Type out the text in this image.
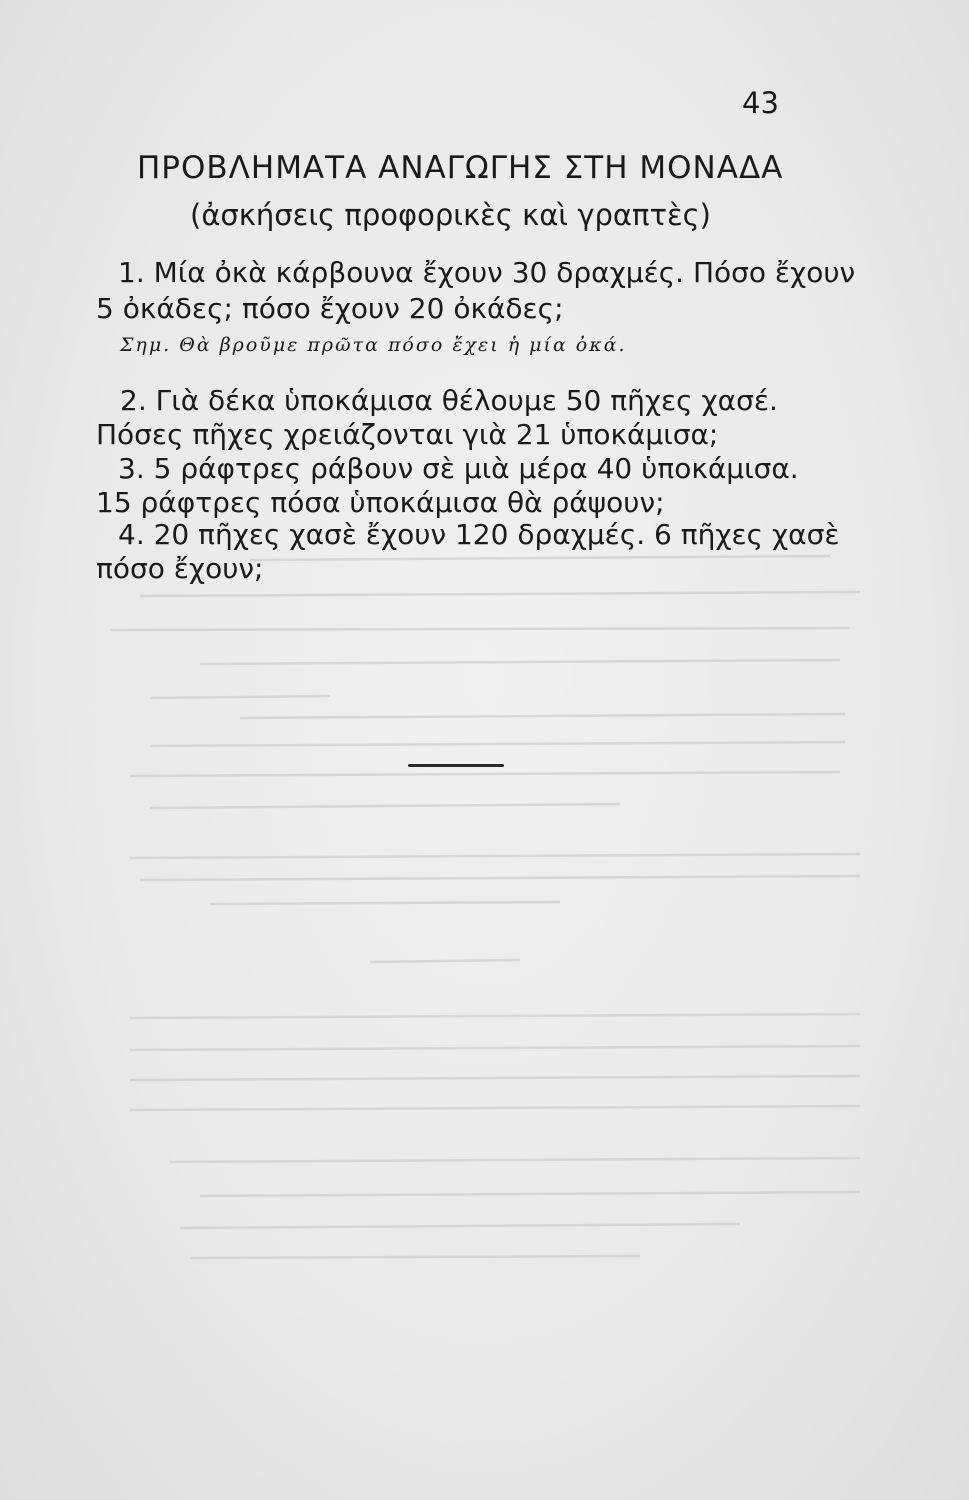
43
ΠΡΟΒΛΗΜΑΤΑ ΑΝΑΓΩΓΗΣ ΣΤΗ ΜΟΝΑΔΑ
(ἀσκήσεις προφορικὲς καὶ γραπτὲς)
1. Μία ὀκὰ κάρβουνα ἔχουν 30 δραχμές. Πόσο ἔχουν
5 ὀκάδες; πόσο ἔχουν 20 ὀκάδες;
Σημ. Θὰ βροῦμε πρῶτα πόσο ἔχει ἡ μία ὀκά.
2. Γιὰ δέκα ὑποκάμισα θέλουμε 50 πῆχες χασέ.
Πόσες πῆχες χρειάζονται γιὰ 21 ὑποκάμισα;
3. 5 ράφτρες ράβουν σὲ μιὰ μέρα 40 ὑποκάμισα.
15 ράφτρες πόσα ὑποκάμισα θὰ ράψουν;
4. 20 πῆχες χασὲ ἔχουν 120 δραχμές. 6 πῆχες χασὲ
πόσο ἔχουν;
